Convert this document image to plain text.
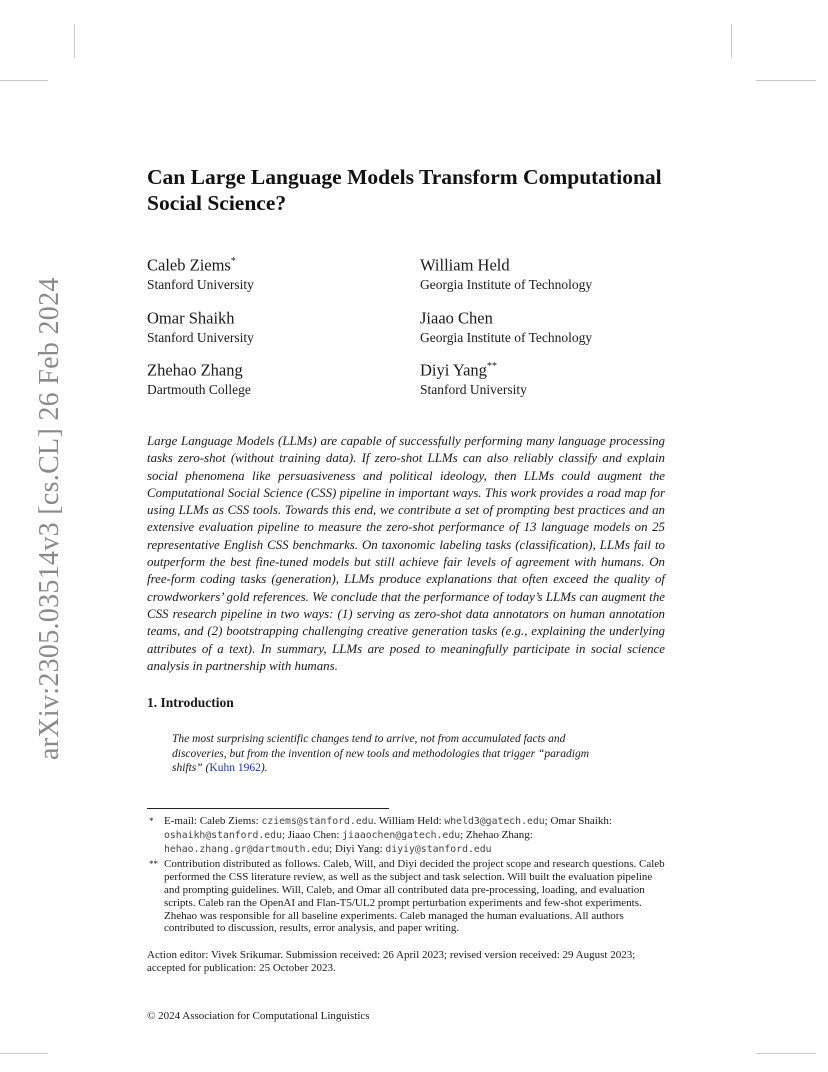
arXiv:2305.03514v3 [cs.CL] 26 Feb 2024
Can Large Language Models Transform Computational Social Science?
Caleb Ziems*
Stanford University
William Held
Georgia Institute of Technology
Omar Shaikh
Stanford University
Jiaao Chen
Georgia Institute of Technology
Zhehao Zhang
Dartmouth College
Diyi Yang**
Stanford University
Large Language Models (LLMs) are capable of successfully performing many language processing tasks zero-shot (without training data). If zero-shot LLMs can also reliably classify and explain social phenomena like persuasiveness and political ideology, then LLMs could augment the Computational Social Science (CSS) pipeline in important ways. This work provides a road map for using LLMs as CSS tools. Towards this end, we contribute a set of prompting best practices and an extensive evaluation pipeline to measure the zero-shot performance of 13 language models on 25 representative English CSS benchmarks. On taxonomic labeling tasks (classification), LLMs fail to outperform the best fine-tuned models but still achieve fair levels of agreement with humans. On free-form coding tasks (generation), LLMs produce explanations that often exceed the quality of crowdworkers’ gold references. We conclude that the performance of today’s LLMs can augment the CSS research pipeline in two ways: (1) serving as zero-shot data annotators on human annotation teams, and (2) bootstrapping challenging creative generation tasks (e.g., explaining the underlying attributes of a text). In summary, LLMs are posed to meaningfully participate in social science analysis in partnership with humans.
1. Introduction
The most surprising scientific changes tend to arrive, not from accumulated facts and discoveries, but from the invention of new tools and methodologies that trigger “paradigm shifts” (Kuhn 1962).
* E-mail: Caleb Ziems: cziems@stanford.edu. William Held: wheld3@gatech.edu; Omar Shaikh: oshaikh@stanford.edu; Jiaao Chen: jiaaochen@gatech.edu; Zhehao Zhang: hehao.zhang.gr@dartmouth.edu; Diyi Yang: diyiy@stanford.edu
** Contribution distributed as follows. Caleb, Will, and Diyi decided the project scope and research questions. Caleb performed the CSS literature review, as well as the subject and task selection. Will built the evaluation pipeline and prompting guidelines. Will, Caleb, and Omar all contributed data pre-processing, loading, and evaluation scripts. Caleb ran the OpenAI and Flan-T5/UL2 prompt perturbation experiments and few-shot experiments. Zhehao was responsible for all baseline experiments. Caleb managed the human evaluations. All authors contributed to discussion, results, error analysis, and paper writing.
Action editor: Vivek Srikumar. Submission received: 26 April 2023; revised version received: 29 August 2023; accepted for publication: 25 October 2023.
© 2024 Association for Computational Linguistics
